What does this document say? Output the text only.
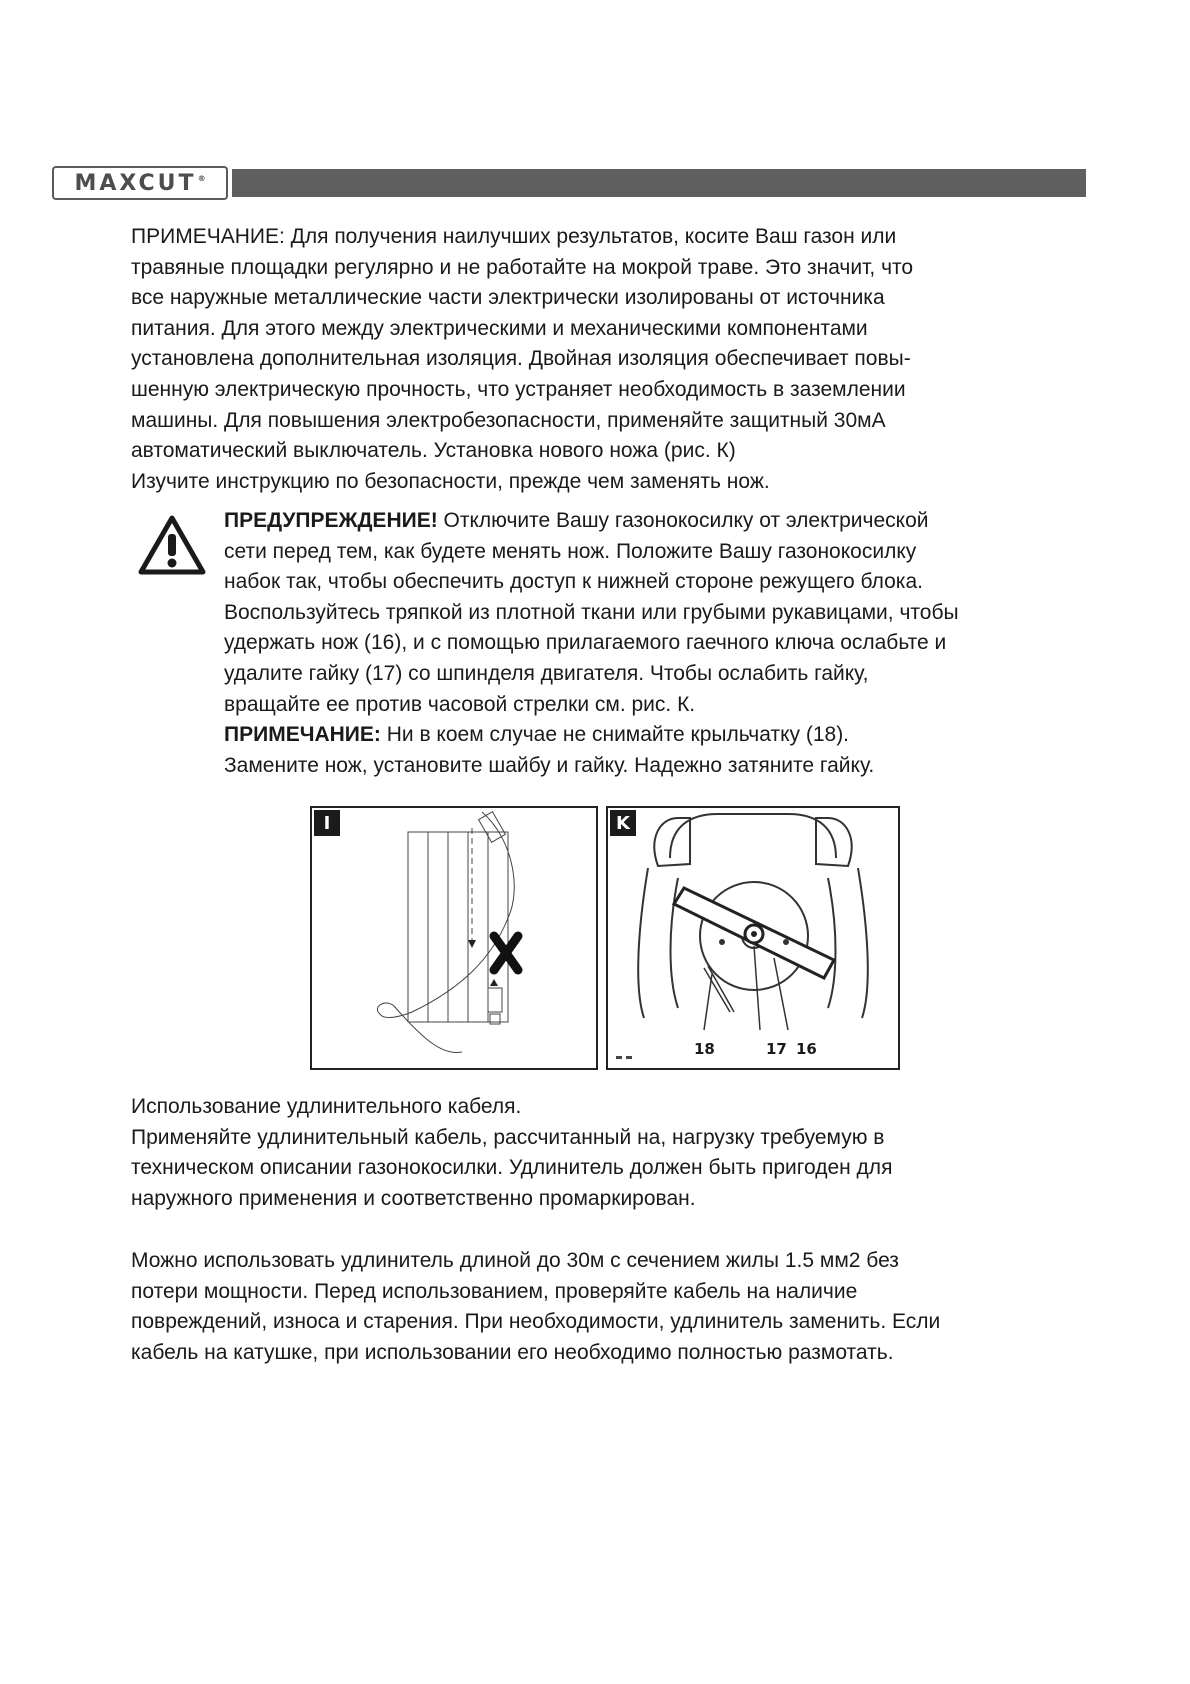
MAXCUT®

ПРИМЕЧАНИЕ: Для получения наилучших результатов, косите Ваш газон или

травяные площадки регулярно и не работайте на мокрой траве. Это значит, что

все наружные металлические части электрически изолированы от источника

питания. Для этого между электрическими и механическими компонентами

установлена дополнительная изоляция. Двойная изоляция обеспечивает повы-

шенную электрическую прочность, что устраняет необходимость в заземлении

машины. Для повышения электробезопасности, применяйте защитный 30мА

автоматический выключатель. Установка нового ножа (рис. К)

Изучите инструкцию по безопасности, прежде чем заменять нож.

ПРЕДУПРЕЖДЕНИЕ! Отключите Вашу газонокосилку от электрической

сети перед тем, как будете менять нож. Положите Вашу газонокосилку

набок так, чтобы обеспечить доступ к нижней стороне режущего блока.

Воспользуйтесь тряпкой из плотной ткани или грубыми рукавицами, чтобы

удержать нож (16), и с помощью прилагаемого гаечного ключа ослабьте и

удалите гайку (17) со шпинделя двигателя. Чтобы ослабить гайку,

вращайте ее против часовой стрелки см. рис. К.

ПРИМЕЧАНИЕ: Ни в коем случае не снимайте крыльчатку (18).

Замените нож, установите шайбу и гайку. Надежно затяните гайку.

I	K
18	17 16

Использование удлинительного кабеля.

Применяйте удлинительный кабель, рассчитанный на, нагрузку требуемую в

техническом описании газонокосилки. Удлинитель должен быть пригоден для

наружного применения и соответственно промаркирован.

Можно использовать удлинитель длиной до 30м с сечением жилы 1.5 мм2 без

потери мощности. Перед использованием, проверяйте кабель на наличие

повреждений, износа и старения. При необходимости, удлинитель заменить. Если

кабель на катушке, при использовании его необходимо полностью размотать.
